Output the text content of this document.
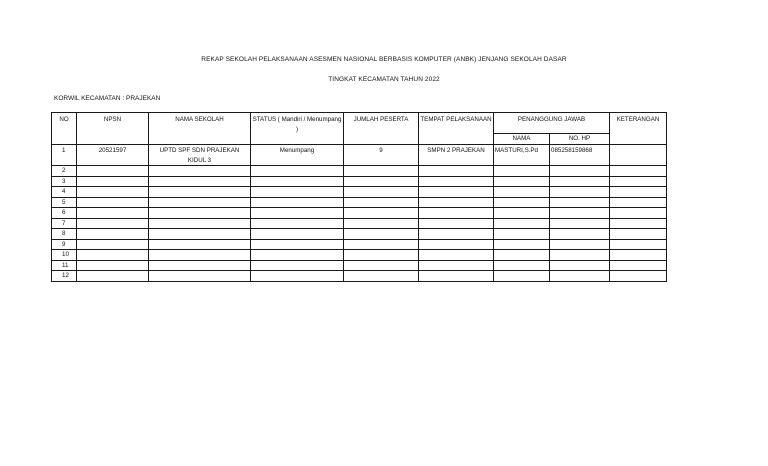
REKAP SEKOLAH PELAKSANAAN ASESMEN NASIONAL BERBASIS KOMPUTER (ANBK) JENJANG SEKOLAH DASAR
TINGKAT KECAMATAN TAHUN 2022
KORWIL KECAMATAN : PRAJEKAN
NO	NPSN	NAMA SEKOLAH	STATUS ( Mandiri / Menumpang )	JUMLAH PESERTA	TEMPAT PELAKSANAAN	PENANGGUNG JAWAB		KETERANGAN
						NAMA	NO. HP	
1	20521597	UPTD SPF SDN PRAJEKAN KIDUL 3	Menumpang	9	SMPN 2 PRAJEKAN	MASTURI,S.Pd	085258159868	
2								
3								
4								
5								
6								
7								
8								
9								
10								
11								
12								
